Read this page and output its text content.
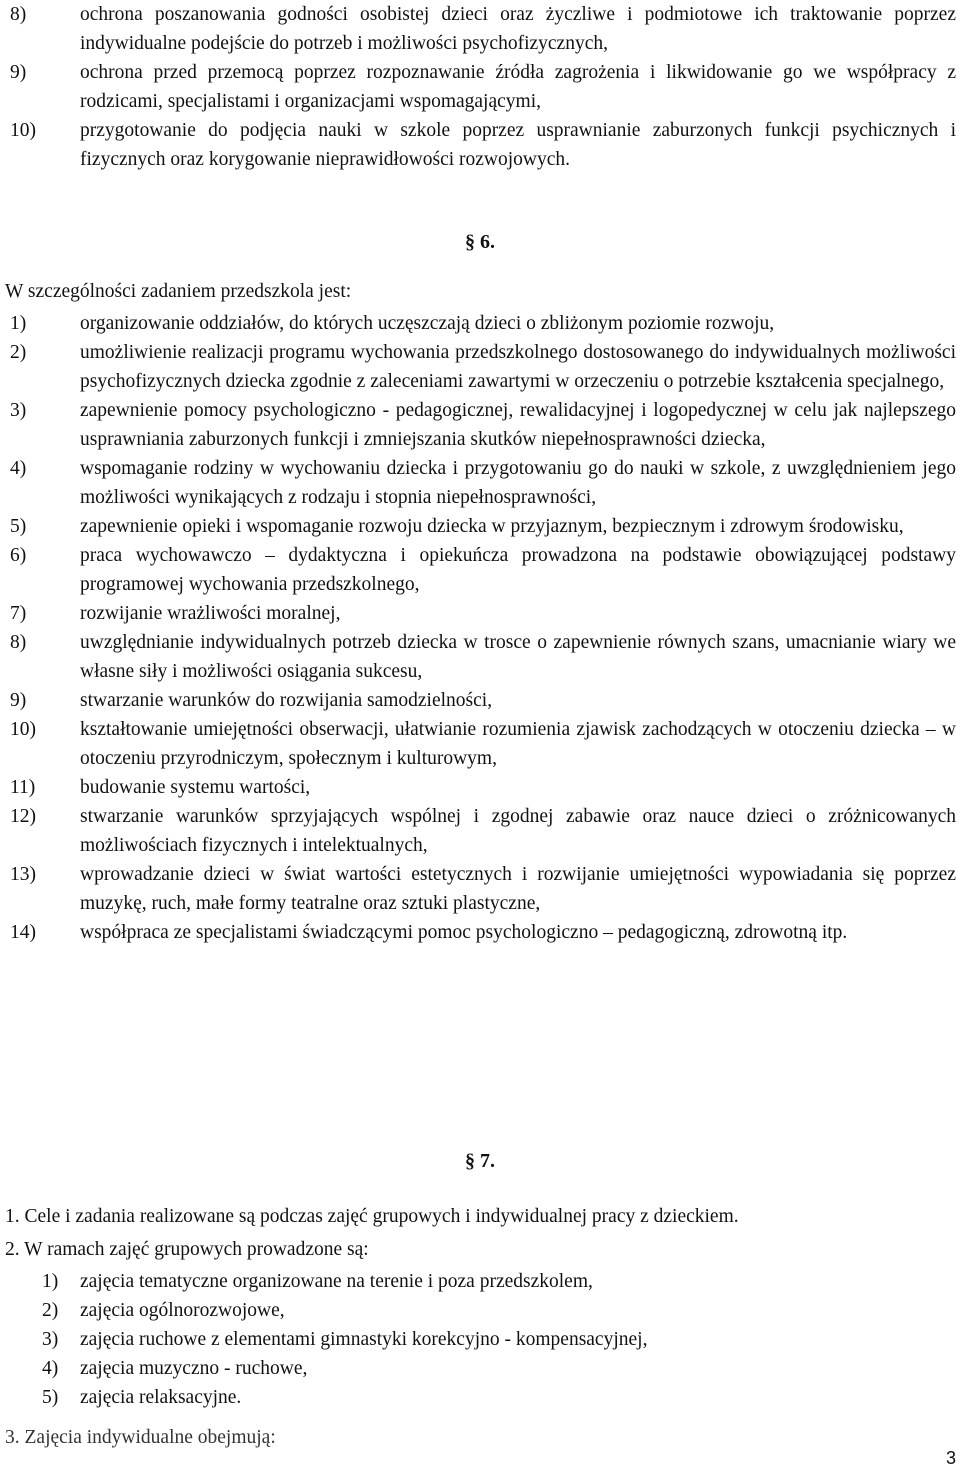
8)	ochrona poszanowania godności osobistej dzieci oraz życzliwe i podmiotowe ich traktowanie poprzez indywidualne podejście do potrzeb i możliwości psychofizycznych,
9)	ochrona przed przemocą poprzez rozpoznawanie źródła zagrożenia i likwidowanie go we współpracy z rodzicami, specjalistami i organizacjami wspomagającymi,
10) przygotowanie do podjęcia nauki w szkole poprzez usprawnianie zaburzonych funkcji psychicznych i fizycznych oraz korygowanie nieprawidłowości rozwojowych.
§ 6.
W szczególności zadaniem przedszkola jest:
1)	organizowanie oddziałów, do których uczęszczają dzieci o zbliżonym poziomie rozwoju,
2)	umożliwienie realizacji programu wychowania przedszkolnego dostosowanego do indywidualnych możliwości psychofizycznych dziecka zgodnie z zaleceniami zawartymi w orzeczeniu o potrzebie kształcenia specjalnego,
3)	zapewnienie pomocy psychologiczno - pedagogicznej, rewalidacyjnej i logopedycznej w celu jak najlepszego usprawniania zaburzonych funkcji i zmniejszania skutków niepełnosprawności dziecka,
4)	wspomaganie rodziny w wychowaniu dziecka i przygotowaniu go do nauki w szkole, z uwzględnieniem jego możliwości wynikających z rodzaju i stopnia niepełnosprawności,
5)	zapewnienie opieki i wspomaganie rozwoju dziecka w przyjaznym, bezpiecznym i zdrowym środowisku,
6)	praca wychowawczo – dydaktyczna i opiekuńcza prowadzona na podstawie obowiązującej podstawy programowej wychowania przedszkolnego,
7)	rozwijanie wrażliwości moralnej,
8)	uwzględnianie indywidualnych potrzeb dziecka w trosce o zapewnienie równych szans, umacnianie wiary we własne siły i możliwości osiągania sukcesu,
9)	stwarzanie warunków do rozwijania samodzielności,
10) kształtowanie umiejętności obserwacji, ułatwianie rozumienia zjawisk zachodzących w otoczeniu dziecka – w otoczeniu przyrodniczym, społecznym i kulturowym,
11) budowanie systemu wartości,
12) stwarzanie warunków sprzyjających wspólnej i zgodnej zabawie oraz nauce dzieci o zróżnicowanych możliwościach fizycznych i intelektualnych,
13) wprowadzanie dzieci w świat wartości estetycznych i rozwijanie umiejętności wypowiadania się poprzez muzykę, ruch, małe formy teatralne oraz sztuki plastyczne,
14) współpraca ze specjalistami świadczącymi pomoc psychologiczno – pedagogiczną, zdrowotną itp.
§ 7.
1. Cele i zadania realizowane są podczas zajęć grupowych i indywidualnej pracy z dzieckiem.
2. W ramach zajęć grupowych prowadzone są:
1) zajęcia tematyczne organizowane na terenie i poza przedszkolem,
2) zajęcia ogólnorozwojowe,
3) zajęcia ruchowe z elementami gimnastyki korekcyjno - kompensacyjnej,
4) zajęcia muzyczno - ruchowe,
5) zajęcia relaksacyjne.
3. Zajęcia indywidualne obejmują:
3
